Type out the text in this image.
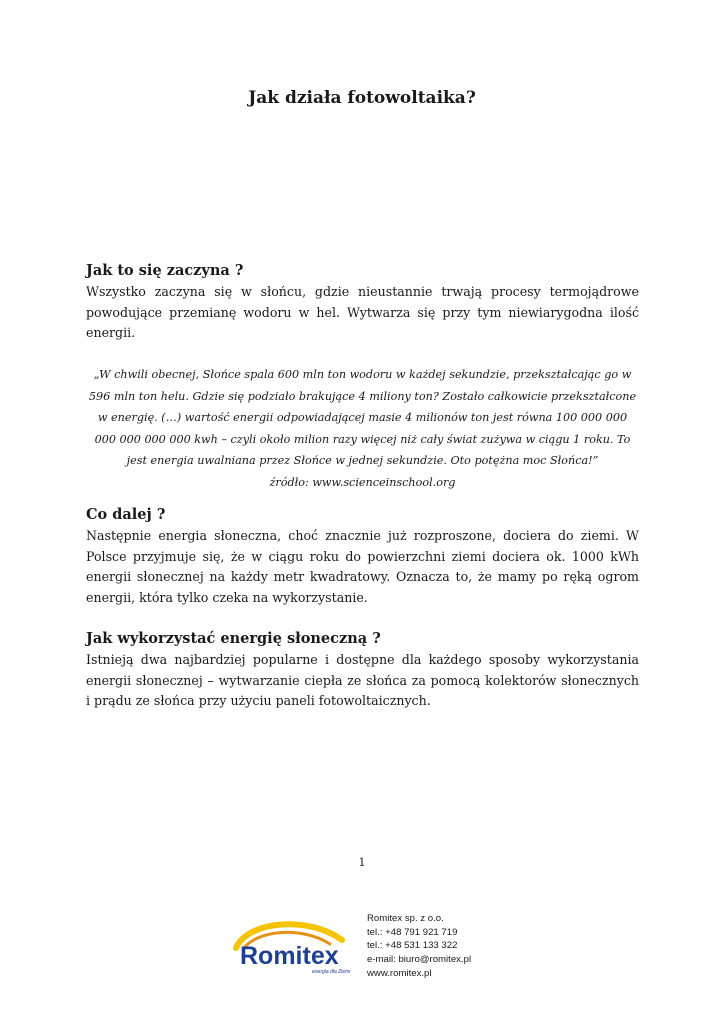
Jak działa fotowoltaika?
Jak to się zaczyna ?

Wszystko zaczyna się w słońcu, gdzie nieustannie trwają procesy termojądrowe powodujące przemianę wodoru w hel. Wytwarza się przy tym niewiarygodna ilość energii.

„W chwili obecnej, Słońce spala 600 mln ton wodoru w każdej sekundzie, przekształcając go w 596 mln ton helu. Gdzie się podziało brakujące 4 miliony ton? Zostało całkowicie przekształcone w energię. (…) wartość energii odpowiadającej masie 4 milionów ton jest równa 100 000 000 000 000 000 000 kwh – czyli około milion razy więcej niż cały świat zużywa w ciągu 1 roku. To jest energia uwalniana przez Słońce w jednej sekundzie. Oto potężna moc Słońca!”

źródło: www.scienceinschool.org

Co dalej ?

Następnie energia słoneczna, choć znacznie już rozproszone, dociera do ziemi. W Polsce przyjmuje się, że w ciągu roku do powierzchni ziemi dociera ok. 1000 kWh energii słonecznej na każdy metr kwadratowy. Oznacza to, że mamy po ręką ogrom energii, która tylko czeka na wykorzystanie.

Jak wykorzystać energię słoneczną ?

Istnieją dwa najbardziej popularne i dostępne dla każdego sposoby wykorzystania energii słonecznej – wytwarzanie ciepła ze słońca za pomocą kolektorów słonecznych i prądu ze słońca przy użyciu paneli fotowoltaicznych.

1
Romitex
energia dla Ziemi
Romitex sp. z o.o.
tel.: +48 791 921 719
tel.: +48 531 133 322
e-mail: biuro@romitex.pl
www.romitex.pl
